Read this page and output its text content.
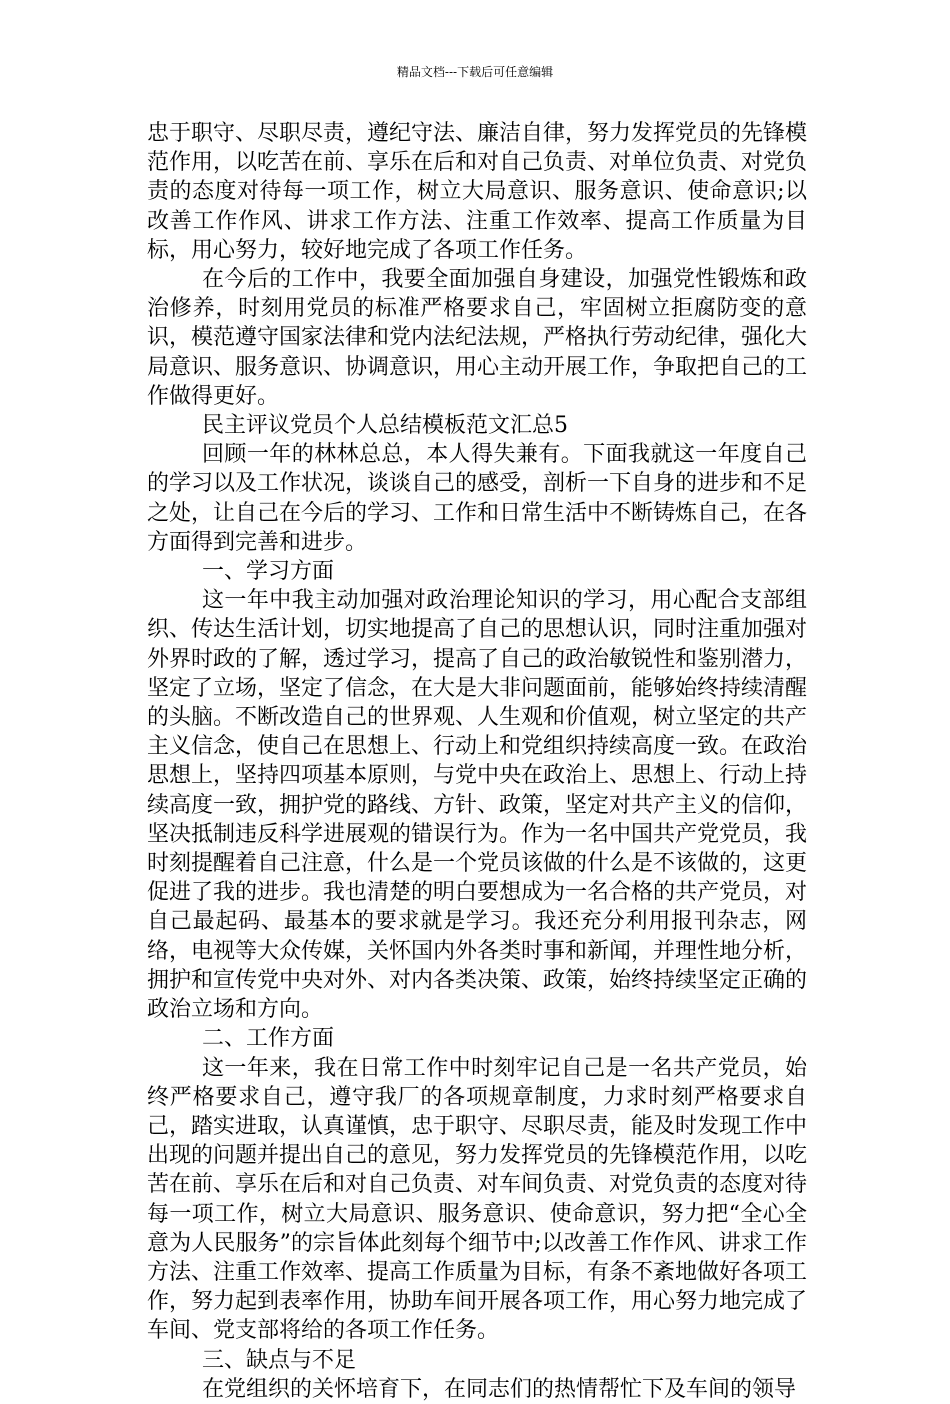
精品文档---下载后可任意编辑

忠于职守、尽职尽责，遵纪守法、廉洁自律，努力发挥党员的先锋模范作用，以吃苦在前、享乐在后和对自己负责、对单位负责、对党负责的态度对待每一项工作，树立大局意识、服务意识、使命意识;以改善工作作风、讲求工作方法、注重工作效率、提高工作质量为目标，用心努力，较好地完成了各项工作任务。

在今后的工作中，我要全面加强自身建设，加强党性锻炼和政治修养，时刻用党员的标准严格要求自己，牢固树立拒腐防变的意识，模范遵守国家法律和党内法纪法规，严格执行劳动纪律，强化大局意识、服务意识、协调意识，用心主动开展工作，争取把自己的工作做得更好。

民主评议党员个人总结模板范文汇总5

回顾一年的林林总总，本人得失兼有。下面我就这一年度自己的学习以及工作状况，谈谈自己的感受，剖析一下自身的进步和不足之处，让自己在今后的学习、工作和日常生活中不断铸炼自己，在各方面得到完善和进步。

一、学习方面

这一年中我主动加强对政治理论知识的学习，用心配合支部组织、传达生活计划，切实地提高了自己的思想认识，同时注重加强对外界时政的了解，透过学习，提高了自己的政治敏锐性和鉴别潜力，坚定了立场，坚定了信念，在大是大非问题面前，能够始终持续清醒的头脑。不断改造自己的世界观、人生观和价值观，树立坚定的共产主义信念，使自己在思想上、行动上和党组织持续高度一致。在政治思想上，坚持四项基本原则，与党中央在政治上、思想上、行动上持续高度一致，拥护党的路线、方针、政策，坚定对共产主义的信仰，坚决抵制违反科学进展观的错误行为。作为一名中国共产党党员，我时刻提醒着自己注意，什么是一个党员该做的什么是不该做的，这更促进了我的进步。我也清楚的明白要想成为一名合格的共产党员，对自己最起码、最基本的要求就是学习。我还充分利用报刊杂志，网络，电视等大众传媒，关怀国内外各类时事和新闻，并理性地分析，拥护和宣传党中央对外、对内各类决策、政策，始终持续坚定正确的政治立场和方向。

二、工作方面

这一年来，我在日常工作中时刻牢记自己是一名共产党员，始终严格要求自己，遵守我厂的各项规章制度，力求时刻严格要求自己，踏实进取，认真谨慎，忠于职守、尽职尽责，能及时发现工作中出现的问题并提出自己的意见，努力发挥党员的先锋模范作用，以吃苦在前、享乐在后和对自己负责、对车间负责、对党负责的态度对待每一项工作，树立大局意识、服务意识、使命意识，努力把“全心全意为人民服务”的宗旨体此刻每个细节中;以改善工作作风、讲求工作方法、注重工作效率、提高工作质量为目标，有条不紊地做好各项工作，努力起到表率作用，协助车间开展各项工作，用心努力地完成了车间、党支部将给的各项工作任务。

三、缺点与不足

在党组织的关怀培育下，在同志们的热情帮忙下及车间的领导
